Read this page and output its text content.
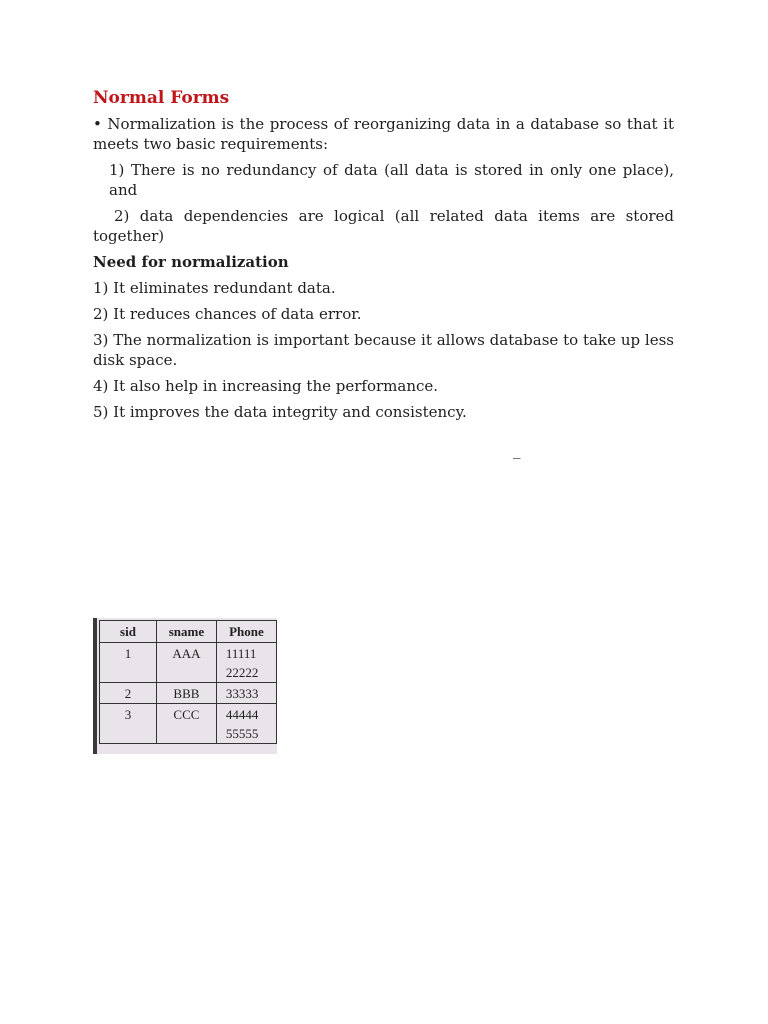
Normal Forms

• Normalization is the process of reorganizing data in a database so that it meets two basic requirements:

1) There is no redundancy of data (all data is stored in only one place), and

2) data dependencies are logical (all related data items are stored together)

Need for normalization

1) It eliminates redundant data.

2) It reduces chances of data error.

3) The normalization is important because it allows database to take up less disk space.

4) It also help in increasing the performance.

5) It improves the data integrity and consistency.

_
sid	sname	Phone
1	AAA	11111
22222

2	BBB	33333

3	CCC	44444
55555
